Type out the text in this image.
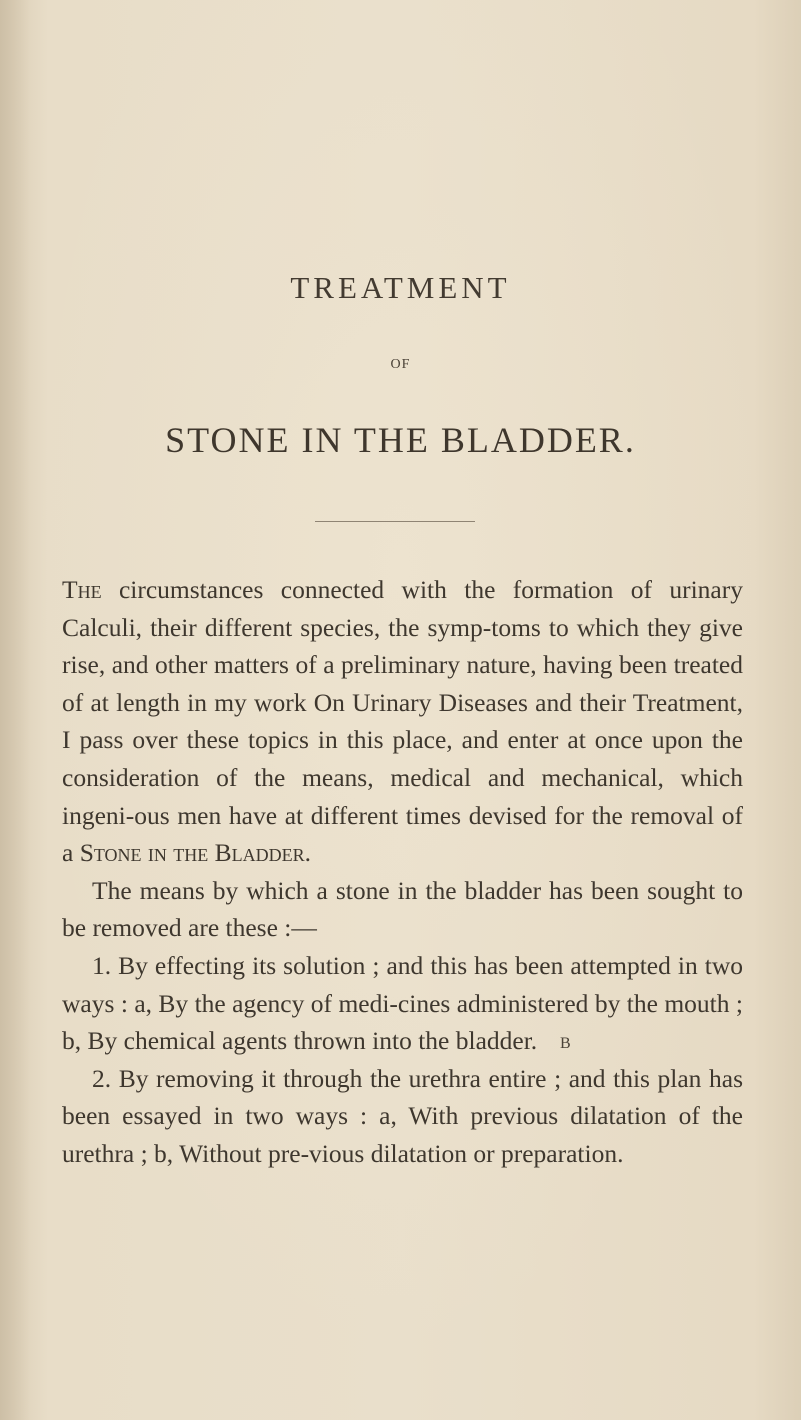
TREATMENT
OF
STONE IN THE BLADDER.

The circumstances connected with the formation of urinary Calculi, their different species, the symp-toms to which they give rise, and other matters of a preliminary nature, having been treated of at length in my work On Urinary Diseases and their Treatment, I pass over these topics in this place, and enter at once upon the consideration of the means, medical and mechanical, which ingeni-ous men have at different times devised for the removal of a Stone in the Bladder.

The means by which a stone in the bladder has been sought to be removed are these :—

1. By effecting its solution ; and this has been attempted in two ways : a, By the agency of medi-cines administered by the mouth ; b, By chemical agents thrown into the bladder.

2. By removing it through the urethra entire ; and this plan has been essayed in two ways : a, With previous dilatation of the urethra ; b, Without pre-vious dilatation or preparation.

B
